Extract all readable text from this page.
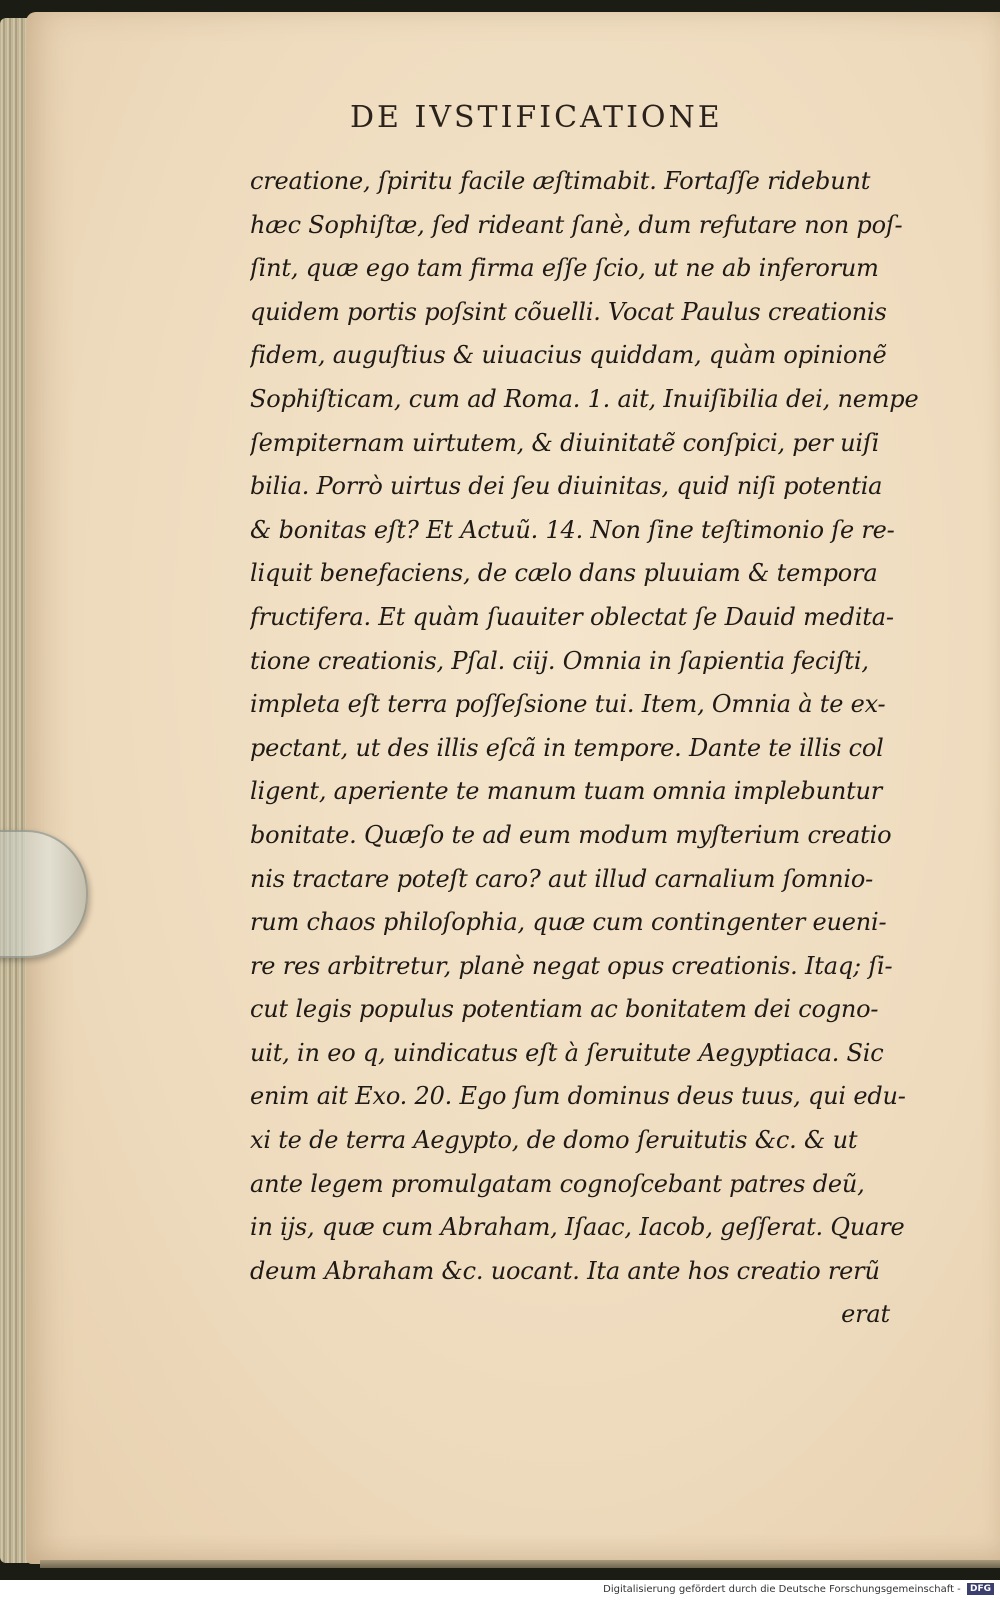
DE IVSTIFICATIONE
creatione, ſpiritu facile æſtimabit. Fortaſſe ridebunt
hæc Sophiſtæ, ſed rideant ſanè, dum refutare non poſ-
ſint, quæ ego tam firma eſſe ſcio, ut ne ab inferorum
quidem portis poſsint cõuelli. Vocat Paulus creationis
fidem, auguſtius & uiuacius quiddam, quàm opinionẽ
Sophiſticam, cum ad Roma. 1. ait, Inuiſibilia dei, nempe
ſempiternam uirtutem, & diuinitatẽ conſpici, per uiſi
bilia. Porrò uirtus dei ſeu diuinitas, quid niſi potentia
& bonitas eſt? Et Actuũ. 14. Non ſine teſtimonio ſe re-
liquit benefaciens, de cælo dans pluuiam & tempora
fructifera. Et quàm ſuauiter oblectat ſe Dauid medita-
tione creationis, Pſal. ciij. Omnia in ſapientia feciſti,
impleta eſt terra poſſeſsione tui. Item, Omnia à te ex-
pectant, ut des illis eſcã in tempore. Dante te illis col
ligent, aperiente te manum tuam omnia implebuntur
bonitate. Quæſo te ad eum modum myſterium creatio
nis tractare poteſt caro? aut illud carnalium ſomnio-
rum chaos philoſophia, quæ cum contingenter eueni-
re res arbitretur, planè negat opus creationis. Itaq; ſi-
cut legis populus potentiam ac bonitatem dei cogno-
uit, in eo q, uindicatus eſt à ſeruitute Aegyptiaca. Sic
enim ait Exo. 20. Ego ſum dominus deus tuus, qui edu-
xi te de terra Aegypto, de domo ſeruitutis &c. & ut
ante legem promulgatam cognoſcebant patres deũ,
in ijs, quæ cum Abraham, Iſaac, Iacob, geſſerat. Quare
deum Abraham &c. uocant. Ita ante hos creatio rerũ
erat
Digitalisierung gefördert durch die Deutsche Forschungsgemeinschaft - DFG
